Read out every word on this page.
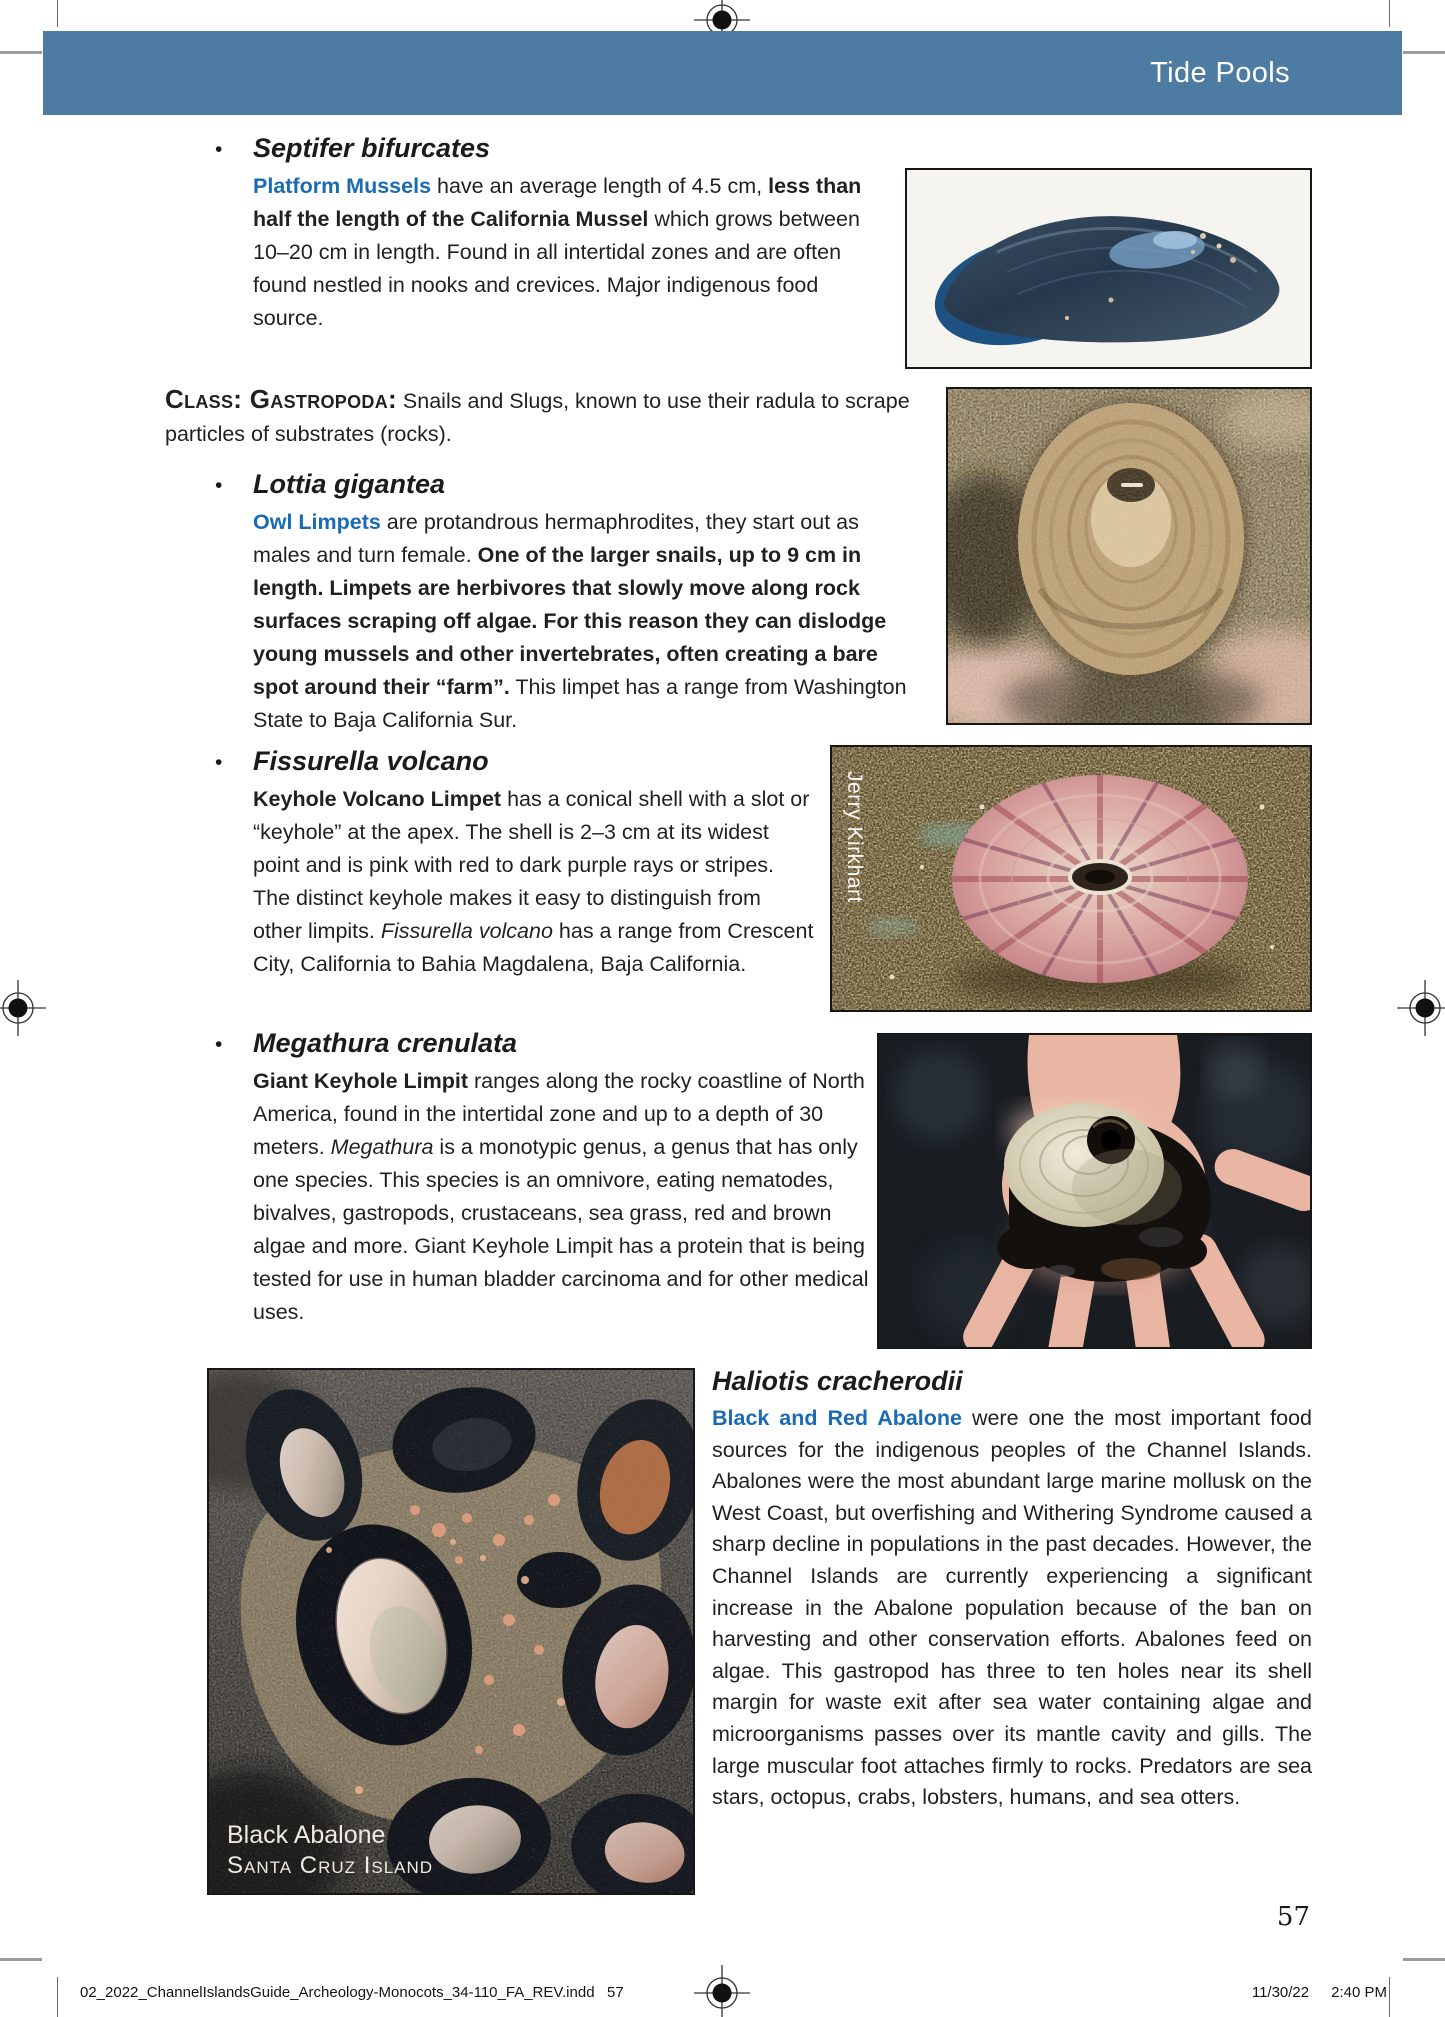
Tide Pools
• Septifer bifurcates

Platform Mussels have an average length of 4.5 cm, less than half the length of the California Mussel which grows between 10–20 cm in length. Found in all intertidal zones and are often found nestled in nooks and crevices. Major indigenous food source.

Class: Gastropoda: Snails and Slugs, known to use their radula to scrape particles of substrates (rocks).
• Lottia gigantea

Owl Limpets are protandrous hermaphrodites, they start out as males and turn female. One of the larger snails, up to 9 cm in length. Limpets are herbivores that slowly move along rock surfaces scraping off algae. For this reason they can dislodge young mussels and other invertebrates, often creating a bare spot around their “farm”. This limpet has a range from Washington State to Baja California Sur.

• Fissurella volcano

Keyhole Volcano Limpet has a conical shell with a slot or “keyhole” at the apex. The shell is 2–3 cm at its widest point and is pink with red to dark purple rays or stripes. The distinct keyhole makes it easy to distinguish from other limpits. Fissurella volcano has a range from Crescent City, California to Bahia Magdalena, Baja California.

• Megathura crenulata

Giant Keyhole Limpit ranges along the rocky coastline of North America, found in the intertidal zone and up to a depth of 30 meters. Megathura is a monotypic genus, a genus that has only one species. This species is an omnivore, eating nematodes, bivalves, gastropods, crustaceans, sea grass, red and brown algae and more. Giant Keyhole Limpit has a protein that is being tested for use in human bladder carcinoma and for other medical uses.

Haliotis cracherodii

Black and Red Abalone were one the most important food sources for the indigenous peoples of the Channel Islands. Abalones were the most abundant large marine mollusk on the West Coast, but overfishing and Withering Syndrome caused a sharp decline in populations in the past decades. However, the Channel Islands are currently experiencing a significant increase in the Abalone population because of the ban on harvesting and other conservation efforts. Abalones feed on algae. This gastropod has three to ten holes near its shell margin for waste exit after sea water containing algae and microorganisms passes over its mantle cavity and gills. The large muscular foot attaches firmly to rocks. Predators are sea stars, octopus, crabs, lobsters, humans, and sea otters.

Jerry Kirkhart
Black Abalone
Santa Cruz Island
57
02_2022_ChannelIslandsGuide_Archeology-Monocots_34-110_FA_REV.indd   57	11/30/22 2:40 PM
